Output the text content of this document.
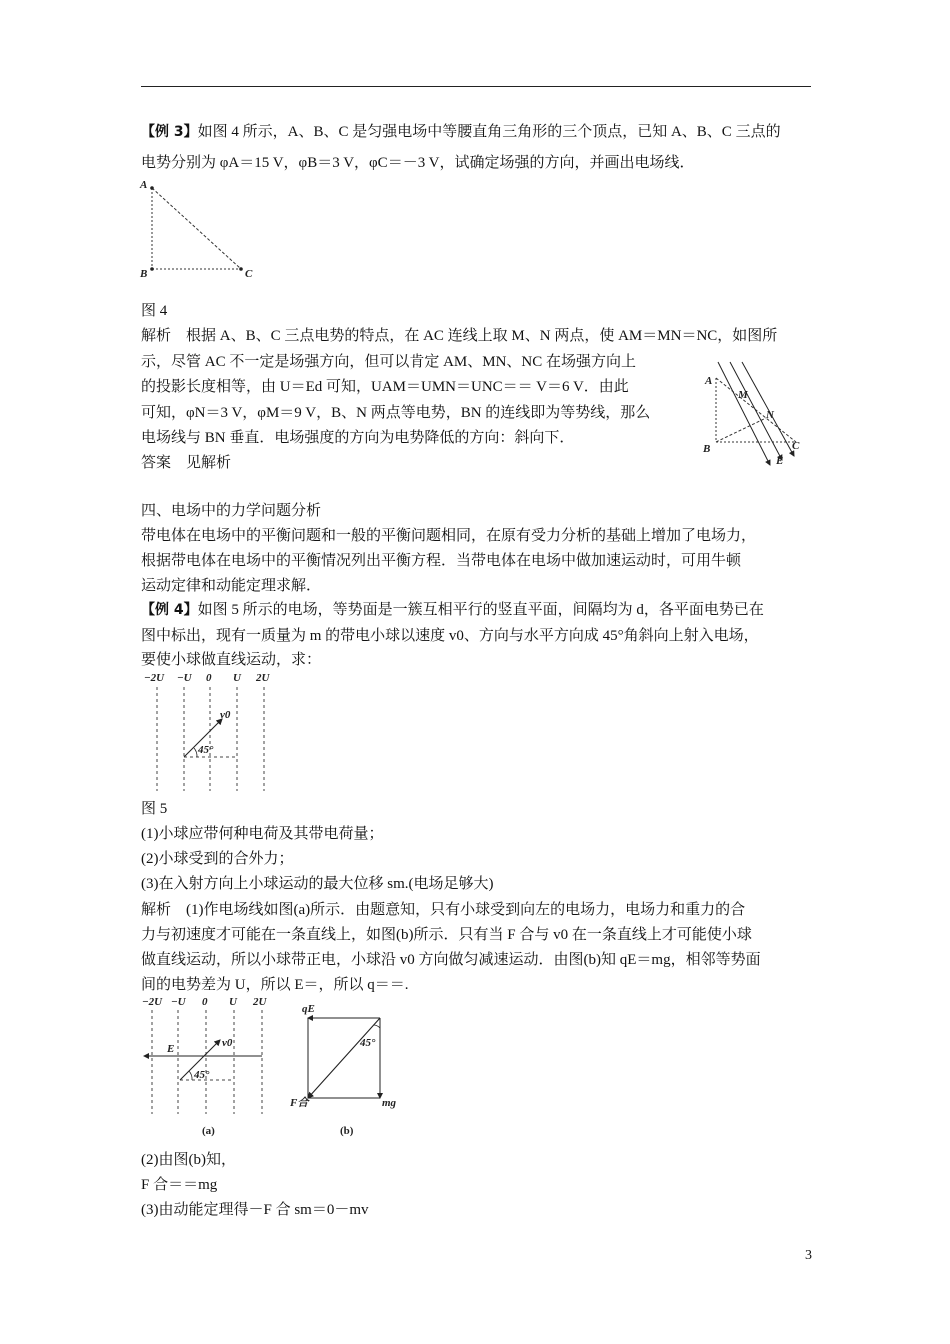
【例 3】如图 4 所示，A、B、C 是匀强电场中等腰直角三角形的三个顶点，已知 A、B、C 三点的
电势分别为 φA＝15 V，φB＝3 V，φC＝－3 V，试确定场强的方向，并画出电场线．
A
B	C
图 4
解析　根据 A、B、C 三点电势的特点，在 AC 连线上取 M、N 两点，使 AM＝MN＝NC，如图所
示，尽管 AC 不一定是场强方向，但可以肯定 AM、MN、NC 在场强方向上
的投影长度相等，由 U＝Ed 可知，UAM＝UMN＝UNC＝＝ V＝6 V．由此
可知，φN＝3 V，φM＝9 V，B、N 两点等电势，BN 的连线即为等势线，那么
电场线与 BN 垂直．电场强度的方向为电势降低的方向：斜向下．
答案　见解析
A
M
N
B	C
E
四、电场中的力学问题分析
带电体在电场中的平衡问题和一般的平衡问题相同，在原有受力分析的基础上增加了电场力，
根据带电体在电场中的平衡情况列出平衡方程．当带电体在电场中做加速运动时，可用牛顿
运动定律和动能定理求解．
【例 4】如图 5 所示的电场，等势面是一簇互相平行的竖直平面，间隔均为 d，各平面电势已在
图中标出，现有一质量为 m 的带电小球以速度 v0、方向与水平方向成 45°角斜向上射入电场，
要使小球做直线运动，求：
−2U −U 0 U 2U
v0
45°
图 5
(1)小球应带何种电荷及其带电荷量；
(2)小球受到的合外力；
(3)在入射方向上小球运动的最大位移 sm.(电场足够大)
解析　(1)作电场线如图(a)所示．由题意知，只有小球受到向左的电场力，电场力和重力的合
力与初速度才可能在一条直线上，如图(b)所示．只有当 F 合与 v0 在一条直线上才可能使小球
做直线运动，所以小球带正电，小球沿 v0 方向做匀减速运动．由图(b)知 qE＝mg，相邻等势面
间的电势差为 U，所以 E＝，所以 q＝＝.
−2U −U 0 U 2U
E	v0
45°
(a)
qE
45°
F合	mg
(b)
(2)由图(b)知，
F 合＝＝mg
(3)由动能定理得－F 合 sm＝0－mv
3
